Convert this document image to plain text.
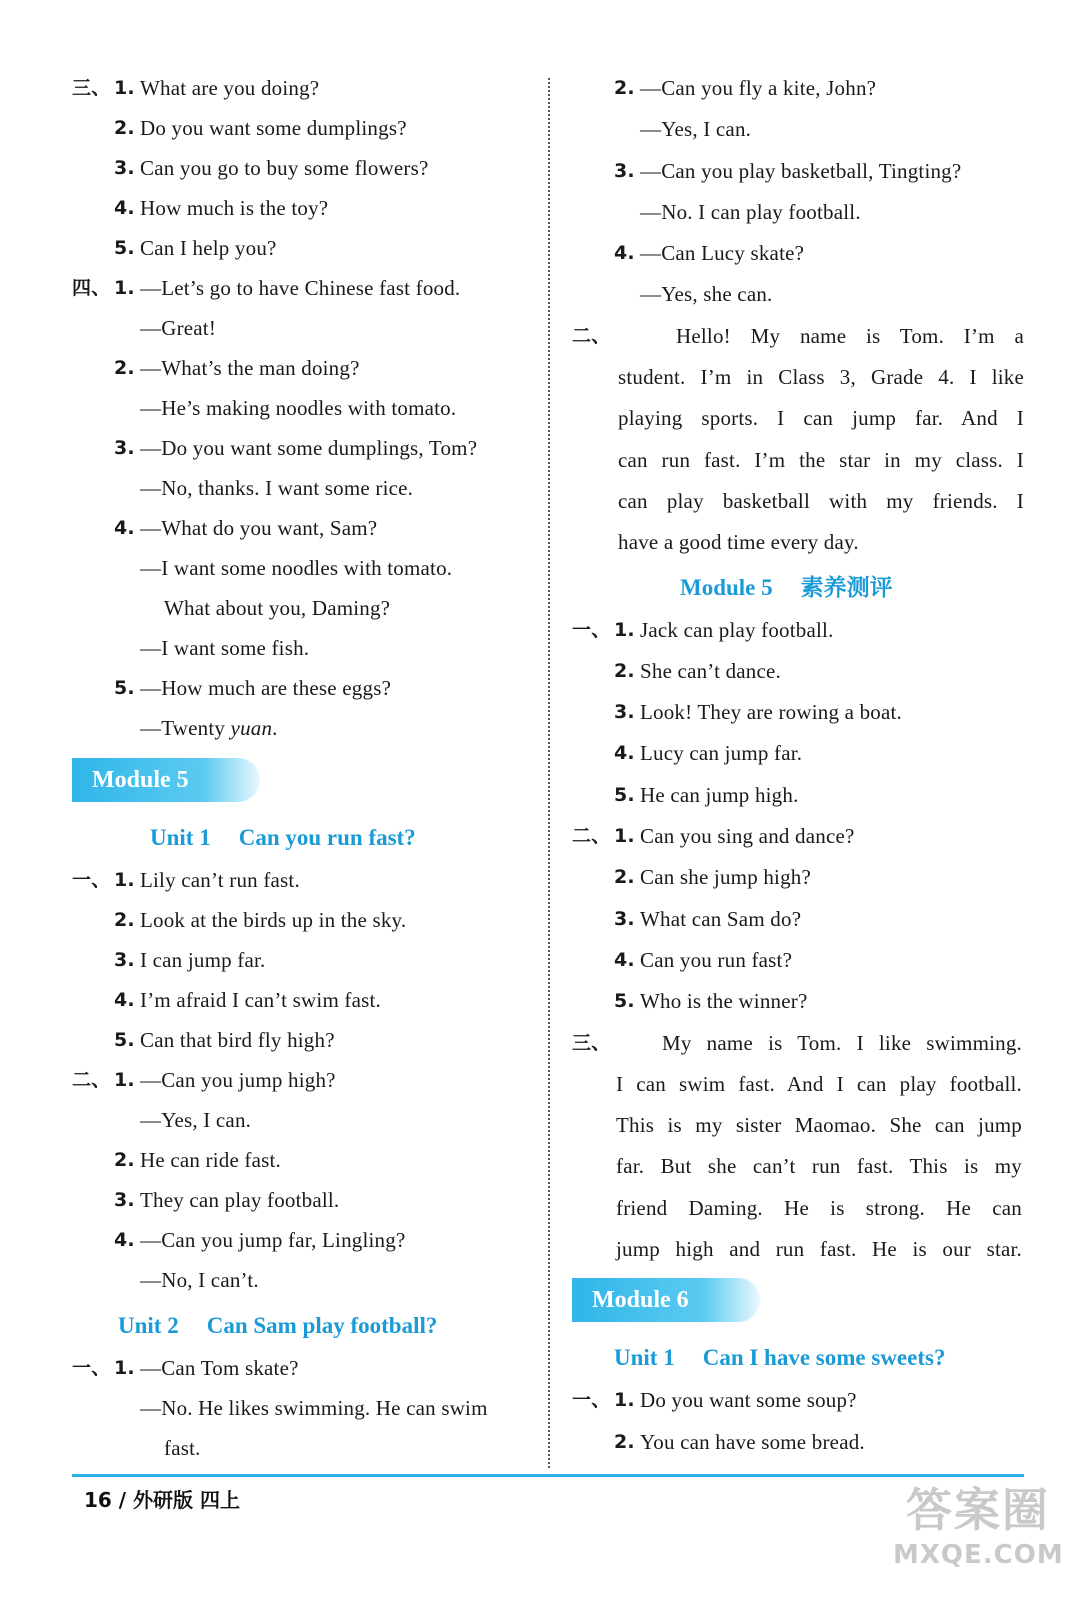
三、 1. What are you doing?
2. Do you want some dumplings?
3. Can you go to buy some flowers?
4. How much is the toy?
5. Can I help you?
四、 1. —Let’s go to have Chinese fast food.
—Great!
2. —What’s the man doing?
—He’s making noodles with tomato.
3. —Do you want some dumplings, Tom?
—No, thanks. I want some rice.
4. —What do you want, Sam?
—I want some noodles with tomato.
What about you, Daming?
—I want some fish.
5. —How much are these eggs?
—Twenty yuan.
Module 5
Unit 1 Can you run fast?
一、 1. Lily can’t run fast.
2. Look at the birds up in the sky.
3. I can jump far.
4. I’m afraid I can’t swim fast.
5. Can that bird fly high?
二、 1. —Can you jump high?
—Yes, I can.
2. He can ride fast.
3. They can play football.
4. —Can you jump far, Lingling?
—No, I can’t.
Unit 2 Can Sam play football?
一、 1. —Can Tom skate?
—No. He likes swimming. He can swim
fast.
2. —Can you fly a kite, John?
—Yes, I can.
3. —Can you play basketball, Tingting?
—No. I can play football.
4. —Can Lucy skate?
—Yes, she can.
二、	Hello! My name is Tom. I’m a
student. I’m in Class 3, Grade 4. I like
playing sports. I can jump far. And I
can run fast. I’m the star in my class. I
can play basketball with my friends. I
have a good time every day.
Module 5 素养测评
一、 1. Jack can play football.
2. She can’t dance.
3. Look! They are rowing a boat.
4. Lucy can jump far.
5. He can jump high.
二、 1. Can you sing and dance?
2. Can she jump high?
3. What can Sam do?
4. Can you run fast?
5. Who is the winner?
三、	My name is Tom. I like swimming.
I can swim fast. And I can play football.
This is my sister Maomao. She can jump
far. But she can’t run fast. This is my
friend Daming. He is strong. He can
jump high and run fast. He is our star.
Module 6
Unit 1 Can I have some sweets?
一、 1. Do you want some soup?
2. You can have some bread.
16 / 外研版 四上	答案圈
MXQE.COM
